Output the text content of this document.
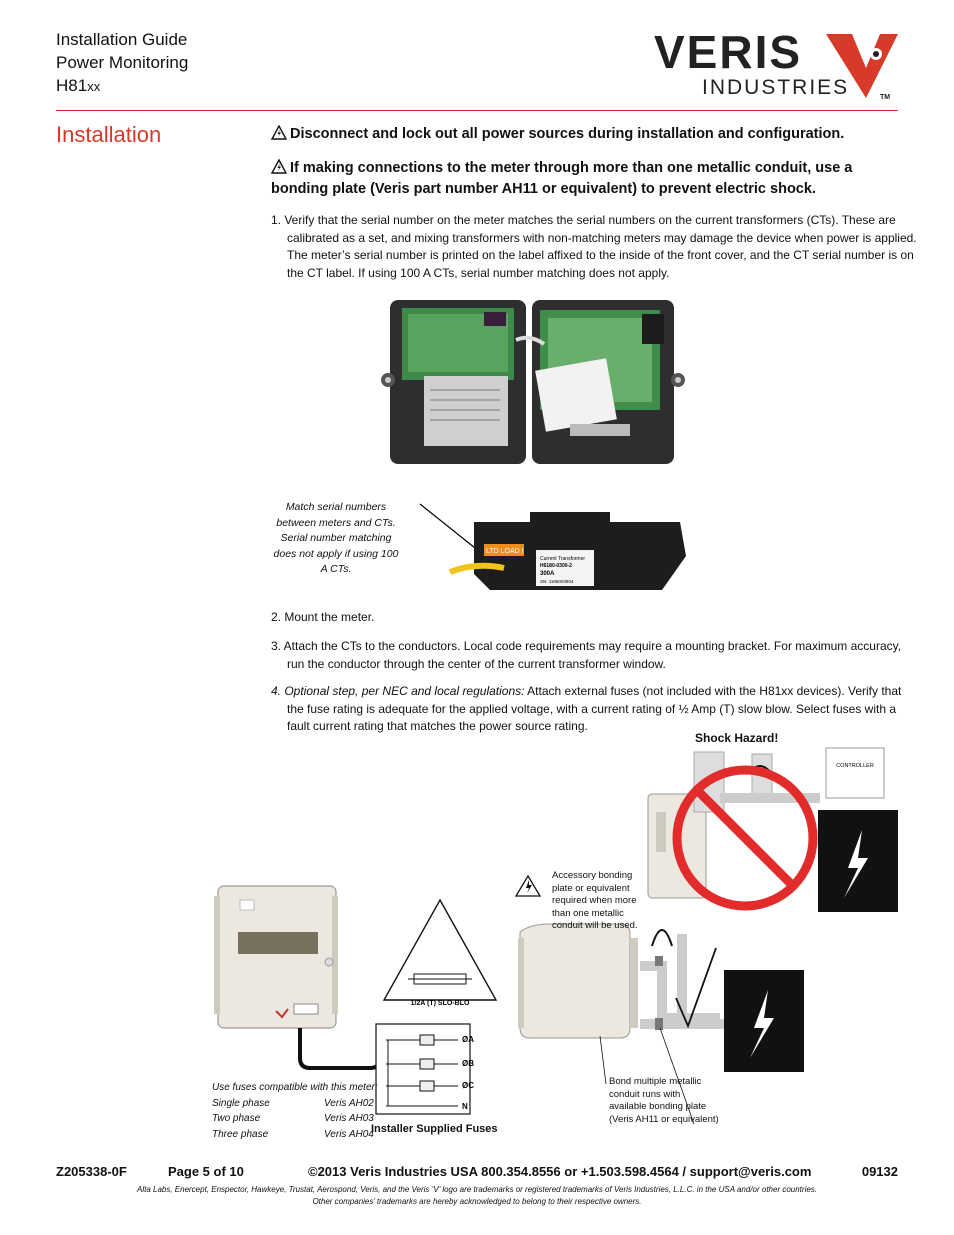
Installation Guide
Power Monitoring
H81xx
VERIS
INDUSTRIES	TM
Installation	Disconnect and lock out all power sources during installation and configuration.
If making connections to the meter through more than one metallic conduit, use a bonding plate (Veris part number AH11 or equivalent) to prevent electric shock.
1. Verify that the serial number on the meter matches the serial numbers on the current transformers (CTs). These are calibrated as a set, and mixing transformers with non-matching meters may damage the device when power is applied. The meter’s serial number is printed on the label affixed to the inside of the front cover, and the CT serial number is on the CT label. If using 100 A CTs, serial number matching does not apply.
LTD LOAD !
Current Transformer
H6180-0300-2
300A
SN: 1186003904
Match serial numbers between meters and CTs. Serial number matching does not apply if using 100 A CTs.
2. Mount the meter.
3. Attach the CTs to the conductors. Local code requirements may require a mounting bracket. For maximum accuracy, run the conductor through the center of the current transformer window.
4. Optional step, per NEC and local regulations: Attach external fuses (not included with the H81xx devices). Verify that the fuse rating is adequate for the applied voltage, with a current rating of ½ Amp (T) slow blow. Select fuses with a fault current rating that matches the power source rating.
1/2A (T) SLO-BLO
ØA
ØB
ØC
N
CONTROLLER
Shock Hazard!
Accessory bonding plate or equivalent required when more than one metallic conduit will be used.
Bond multiple metallic conduit runs with available bonding plate
(Veris AH11 or equivalent)
Use fuses compatible with this meter:
Single phase	Veris AH02
Two phase	Veris AH03
Three phase	Veris AH04
Installer Supplied Fuses
Z205338-0F	Page 5 of 10	©2013 Veris Industries USA 800.354.8556 or +1.503.598.4564 / support@veris.com	09132
Alta Labs, Enercept, Enspector, Hawkeye, Trustat, Aerospond, Veris, and the Veris ‘V’ logo are trademarks or registered trademarks of Veris Industries, L.L.C. in the USA and/or other countries.
Other companies’ trademarks are hereby acknowledged to belong to their respective owners.
